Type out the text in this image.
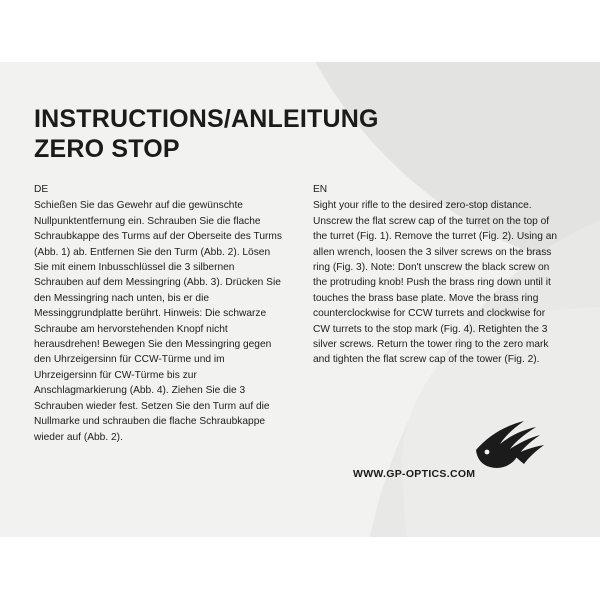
INSTRUCTIONS/ANLEITUNG
ZERO STOP
DE
Schießen Sie das Gewehr auf die gewünschte Nullpunktentfernung ein. Schrauben Sie die flache Schraubkappe des Turms auf der Oberseite des Turms (Abb. 1) ab. Entfernen Sie den Turm (Abb. 2). Lösen Sie mit einem Inbusschlüssel die 3 silbernen Schrauben auf dem Messingring (Abb. 3). Drücken Sie den Messingring nach unten, bis er die Messinggrundplatte berührt. Hinweis: Die schwarze Schraube am hervorstehenden Knopf nicht herausdrehen! Bewegen Sie den Messingring gegen den Uhrzeigersinn für CCW-Türme und im Uhrzeigersinn für CW-Türme bis zur Anschlagmarkierung (Abb. 4). Ziehen Sie die 3 Schrauben wieder fest. Setzen Sie den Turm auf die Nullmarke und schrauben die flache Schraubkappe wieder auf (Abb. 2).
EN
Sight your rifle to the desired zero-stop distance. Unscrew the flat screw cap of the turret on the top of the turret (Fig. 1). Remove the turret (Fig. 2). Using an allen wrench, loosen the 3 silver screws on the brass ring (Fig. 3). Note: Don't unscrew the black screw on the protruding knob! Push the brass ring down until it touches the brass base plate. Move the brass ring counterclockwise for CCW turrets and clockwise for CW turrets to the stop mark (Fig. 4). Retighten the 3 silver screws. Return the tower ring to the zero mark and tighten the flat screw cap of the tower (Fig. 2).
WWW.GP-OPTICS.COM
